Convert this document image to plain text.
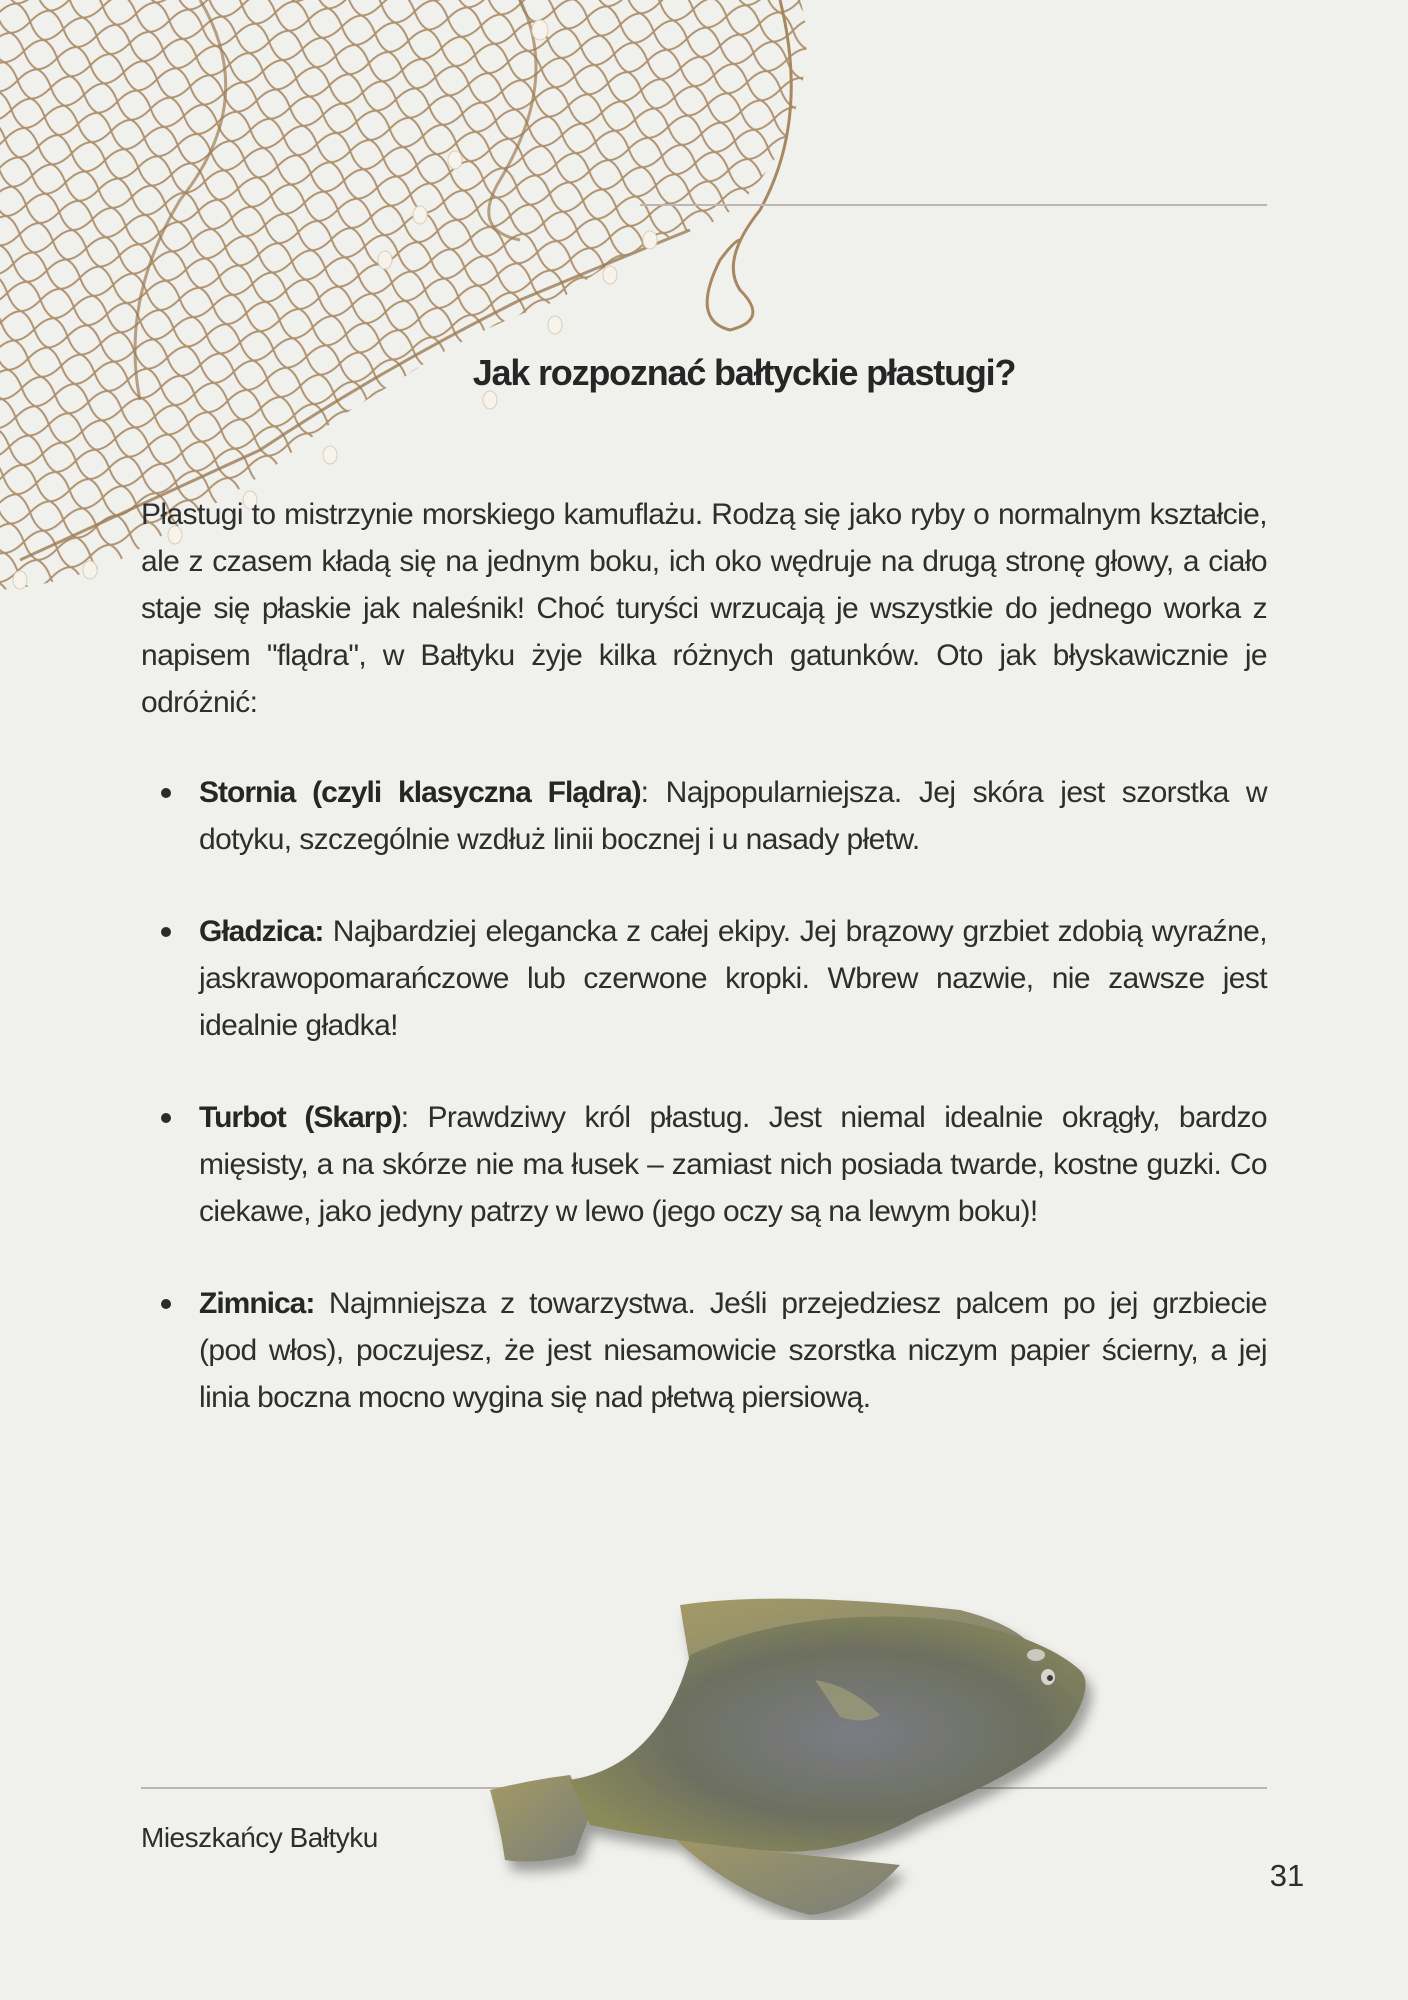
Jak rozpoznać bałtyckie płastugi?

Płastugi to mistrzynie morskiego kamuflażu. Rodzą się jako ryby o normalnym kształcie, ale z czasem kładą się na jednym boku, ich oko wędruje na drugą stronę głowy, a ciało staje się płaskie jak naleśnik! Choć turyści wrzucają je wszystkie do jednego worka z napisem "flądra", w Bałtyku żyje kilka różnych gatunków. Oto jak błyskawicznie je odróżnić:

Stornia (czyli klasyczna Flądra): Najpopularniejsza. Jej skóra jest szorstka w dotyku, szczególnie wzdłuż linii bocznej i u nasady płetw.
Gładzica: Najbardziej elegancka z całej ekipy. Jej brązowy grzbiet zdobią wyraźne, jaskrawopomarańczowe lub czerwone kropki. Wbrew nazwie, nie zawsze jest idealnie gładka!
Turbot (Skarp): Prawdziwy król płastug. Jest niemal idealnie okrągły, bardzo mięsisty, a na skórze nie ma łusek – zamiast nich posiada twarde, kostne guzki. Co ciekawe, jako jedyny patrzy w lewo (jego oczy są na lewym boku)!
Zimnica: Najmniejsza z towarzystwa. Jeśli przejedziesz palcem po jej grzbiecie (pod włos), poczujesz, że jest niesamowicie szorstka niczym papier ścierny, a jej linia boczna mocno wygina się nad płetwą piersiową.
Mieszkańcy Bałtyku
31
